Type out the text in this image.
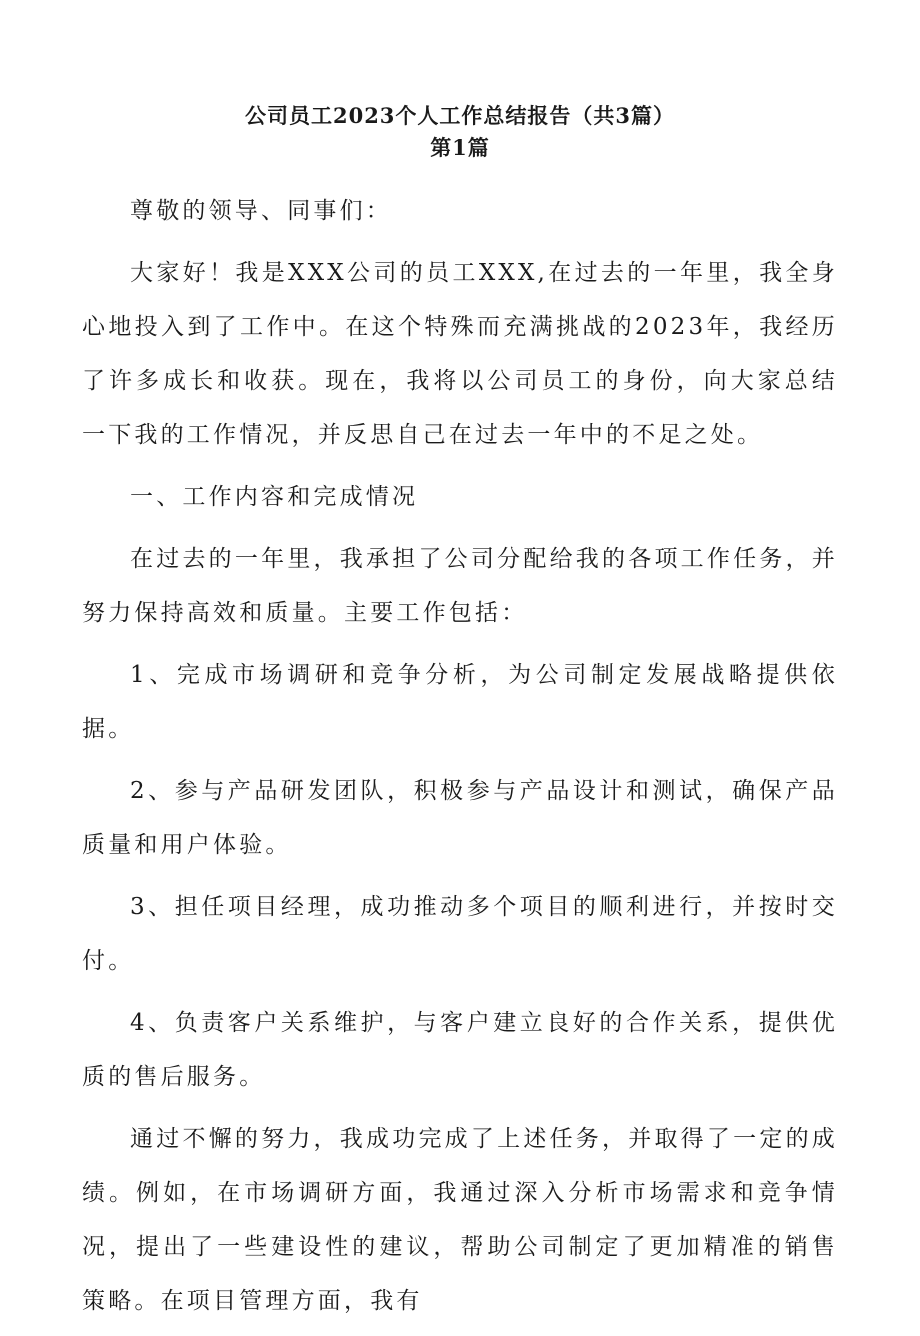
公司员工2023个人工作总结报告（共3篇）
第1篇

尊敬的领导、同事们：

大家好！我是XXX公司的员工XXX,在过去的一年里，我全身心地投入到了工作中。在这个特殊而充满挑战的2023年，我经历了许多成长和收获。现在，我将以公司员工的身份，向大家总结一下我的工作情况，并反思自己在过去一年中的不足之处。

一、工作内容和完成情况

在过去的一年里，我承担了公司分配给我的各项工作任务，并努力保持高效和质量。主要工作包括：

1、完成市场调研和竞争分析，为公司制定发展战略提供依据。

2、参与产品研发团队，积极参与产品设计和测试，确保产品质量和用户体验。

3、担任项目经理，成功推动多个项目的顺利进行，并按时交付。

4、负责客户关系维护，与客户建立良好的合作关系，提供优质的售后服务。

通过不懈的努力，我成功完成了上述任务，并取得了一定的成绩。例如，在市场调研方面，我通过深入分析市场需求和竞争情况，提出了一些建设性的建议，帮助公司制定了更加精准的销售策略。在项目管理方面，我有
